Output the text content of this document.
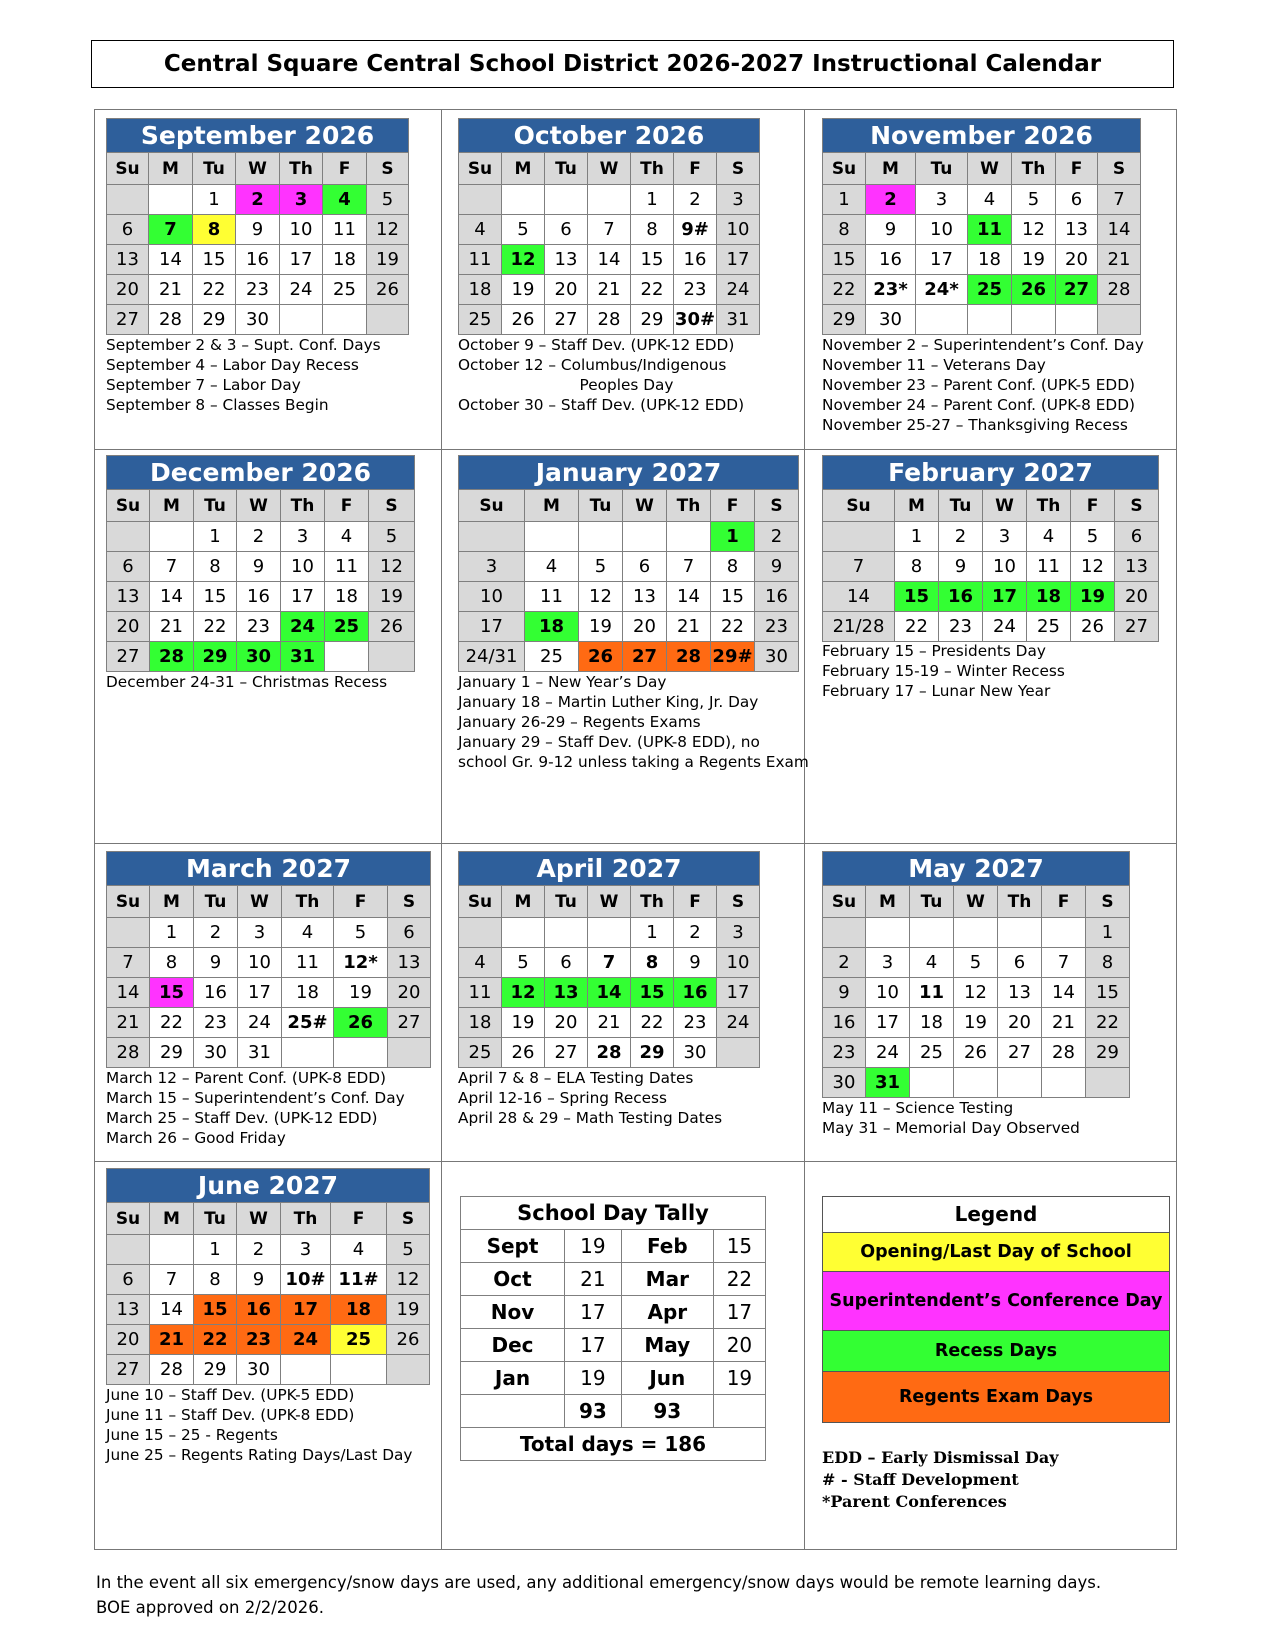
Central Square Central School District 2026-2027 Instructional Calendar
September 2026						
Su	M	Tu	W	Th	F	S
		1	2	3	4	5
6	7	8	9	10	11	12
13	14	15	16	17	18	19
20	21	22	23	24	25	26
27	28	29	30			
September 2 & 3 – Supt. Conf. Days
September 4 – Labor Day Recess
September 7 – Labor Day
September 8 – Classes Begin
October 2026						
Su	M	Tu	W	Th	F	S
				1	2	3
4	5	6	7	8	9#	10
11	12	13	14	15	16	17
18	19	20	21	22	23	24
25	26	27	28	29	30#	31
October 9 – Staff Dev. (UPK-12 EDD)
October 12 – Columbus/Indigenous
Peoples Day
October 30 – Staff Dev. (UPK-12 EDD)
November 2026						
Su	M	Tu	W	Th	F	S
1	2	3	4	5	6	7
8	9	10	11	12	13	14
15	16	17	18	19	20	21
22	23*	24*	25	26	27	28
29	30					
November 2 – Superintendent’s Conf. Day
November 11 – Veterans Day
November 23 – Parent Conf. (UPK-5 EDD)
November 24 – Parent Conf. (UPK-8 EDD)
November 25-27 – Thanksgiving Recess
December 2026						
Su	M	Tu	W	Th	F	S
		1	2	3	4	5
6	7	8	9	10	11	12
13	14	15	16	17	18	19
20	21	22	23	24	25	26
27	28	29	30	31		
December 24-31 – Christmas Recess
January 2027						
Su	M	Tu	W	Th	F	S
					1	2
3	4	5	6	7	8	9
10	11	12	13	14	15	16
17	18	19	20	21	22	23
24/31	25	26	27	28	29#	30
January 1 – New Year’s Day
January 18 – Martin Luther King, Jr. Day
January 26-29 – Regents Exams
January 29 – Staff Dev. (UPK-8 EDD), no
school Gr. 9-12 unless taking a Regents Exam
February 2027						
Su	M	Tu	W	Th	F	S
	1	2	3	4	5	6
7	8	9	10	11	12	13
14	15	16	17	18	19	20
21/28	22	23	24	25	26	27
February 15 – Presidents Day
February 15-19 – Winter Recess
February 17 – Lunar New Year
March 2027						
Su	M	Tu	W	Th	F	S
	1	2	3	4	5	6
7	8	9	10	11	12*	13
14	15	16	17	18	19	20
21	22	23	24	25#	26	27
28	29	30	31			
March 12 – Parent Conf. (UPK-8 EDD)
March 15 – Superintendent’s Conf. Day
March 25 – Staff Dev. (UPK-12 EDD)
March 26 – Good Friday
April 2027						
Su	M	Tu	W	Th	F	S
				1	2	3
4	5	6	7	8	9	10
11	12	13	14	15	16	17
18	19	20	21	22	23	24
25	26	27	28	29	30	
April 7 & 8 – ELA Testing Dates
April 12-16 – Spring Recess
April 28 & 29 – Math Testing Dates
May 2027						
Su	M	Tu	W	Th	F	S
						1
2	3	4	5	6	7	8
9	10	11	12	13	14	15
16	17	18	19	20	21	22
23	24	25	26	27	28	29
30	31					
May 11 – Science Testing
May 31 – Memorial Day Observed
June 2027						
Su	M	Tu	W	Th	F	S
		1	2	3	4	5
6	7	8	9	10#	11#	12
13	14	15	16	17	18	19
20	21	22	23	24	25	26
27	28	29	30			
June 10 – Staff Dev. (UPK-5 EDD)
June 11 – Staff Dev. (UPK-8 EDD)
June 15 – 25 - Regents
June 25 – Regents Rating Days/Last Day
School Day Tally			
Sept	19	Feb	15
Oct	21	Mar	22
Nov	17	Apr	17
Dec	17	May	20
Jan	19	Jun	19
	93	93	
Total days = 186			
Legend
Opening/Last Day of School
Superintendent’s Conference Day
Recess Days
Regents Exam Days
EDD – Early Dismissal Day
# - Staff Development
*Parent Conferences
In the event all six emergency/snow days are used, any additional emergency/snow days would be remote learning days.
BOE approved on 2/2/2026.
